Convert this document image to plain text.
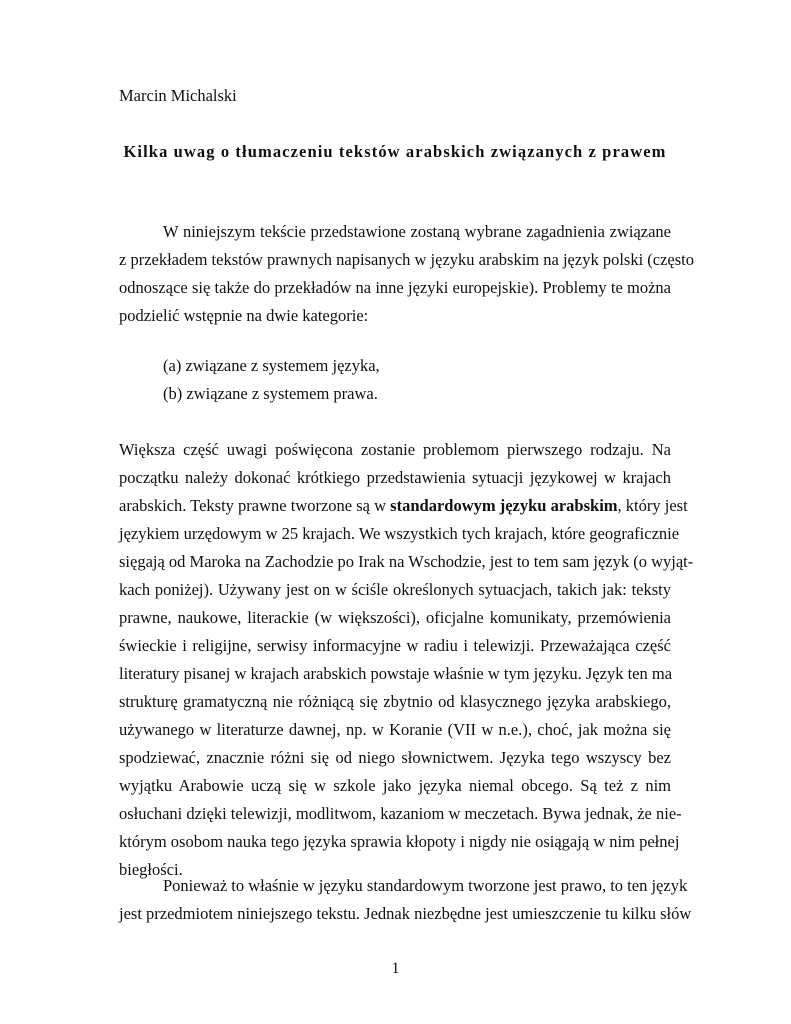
Marcin Michalski
Kilka uwag o tłumaczeniu tekstów arabskich związanych z prawem
W niniejszym tekście przedstawione zostaną wybrane zagadnienia związane
z przekładem tekstów prawnych napisanych w języku arabskim na język polski (często
odnoszące się także do przekładów na inne języki europejskie). Problemy te można
podzielić wstępnie na dwie kategorie:
(a) związane z systemem języka,
(b) związane z systemem prawa.
Większa część uwagi poświęcona zostanie problemom pierwszego rodzaju. Na
początku należy dokonać krótkiego przedstawienia sytuacji językowej w krajach
arabskich. Teksty prawne tworzone są w standardowym języku arabskim, który jest
językiem urzędowym w 25 krajach. We wszystkich tych krajach, które geograficznie
sięgają od Maroka na Zachodzie po Irak na Wschodzie, jest to tem sam język (o wyjąt-
kach poniżej). Używany jest on w ściśle określonych sytuacjach, takich jak: teksty
prawne, naukowe, literackie (w większości), oficjalne komunikaty, przemówienia
świeckie i religijne, serwisy informacyjne w radiu i telewizji. Przeważająca część
literatury pisanej w krajach arabskich powstaje właśnie w tym języku. Język ten ma
strukturę gramatyczną nie różniącą się zbytnio od klasycznego języka arabskiego,
używanego w literaturze dawnej, np. w Koranie (VII w n.e.), choć, jak można się
spodziewać, znacznie różni się od niego słownictwem. Języka tego wszyscy bez
wyjątku Arabowie uczą się w szkole jako języka niemal obcego. Są też z nim
osłuchani dzięki telewizji, modlitwom, kazaniom w meczetach. Bywa jednak, że nie-
którym osobom nauka tego języka sprawia kłopoty i nigdy nie osiągają w nim pełnej
biegłości.
Ponieważ to właśnie w języku standardowym tworzone jest prawo, to ten język
jest przedmiotem niniejszego tekstu. Jednak niezbędne jest umieszczenie tu kilku słów
1
